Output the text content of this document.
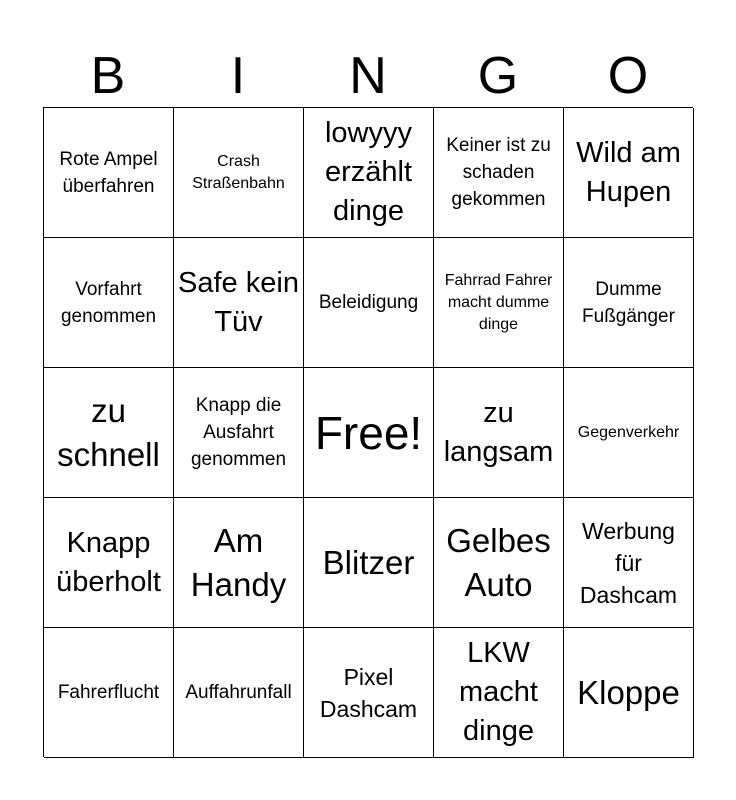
B	I	N	G	O
Rote Ampel überfahren
Crash Straßenbahn
lowyyy erzählt dinge
Keiner ist zu schaden gekommen
Wild am Hupen
Vorfahrt genommen
Safe kein Tüv
Beleidigung
Fahrrad Fahrer macht dumme dinge
Dumme Fußgänger
zu schnell
Knapp die Ausfahrt genommen
Free!	zu langsam
Gegenverkehr
Knapp überholt
Am Handy
Blitzer
Gelbes Auto
Werbung für Dashcam
Fahrerflucht Auffahrunfall
Pixel Dashcam
LKW macht dinge
Kloppe
